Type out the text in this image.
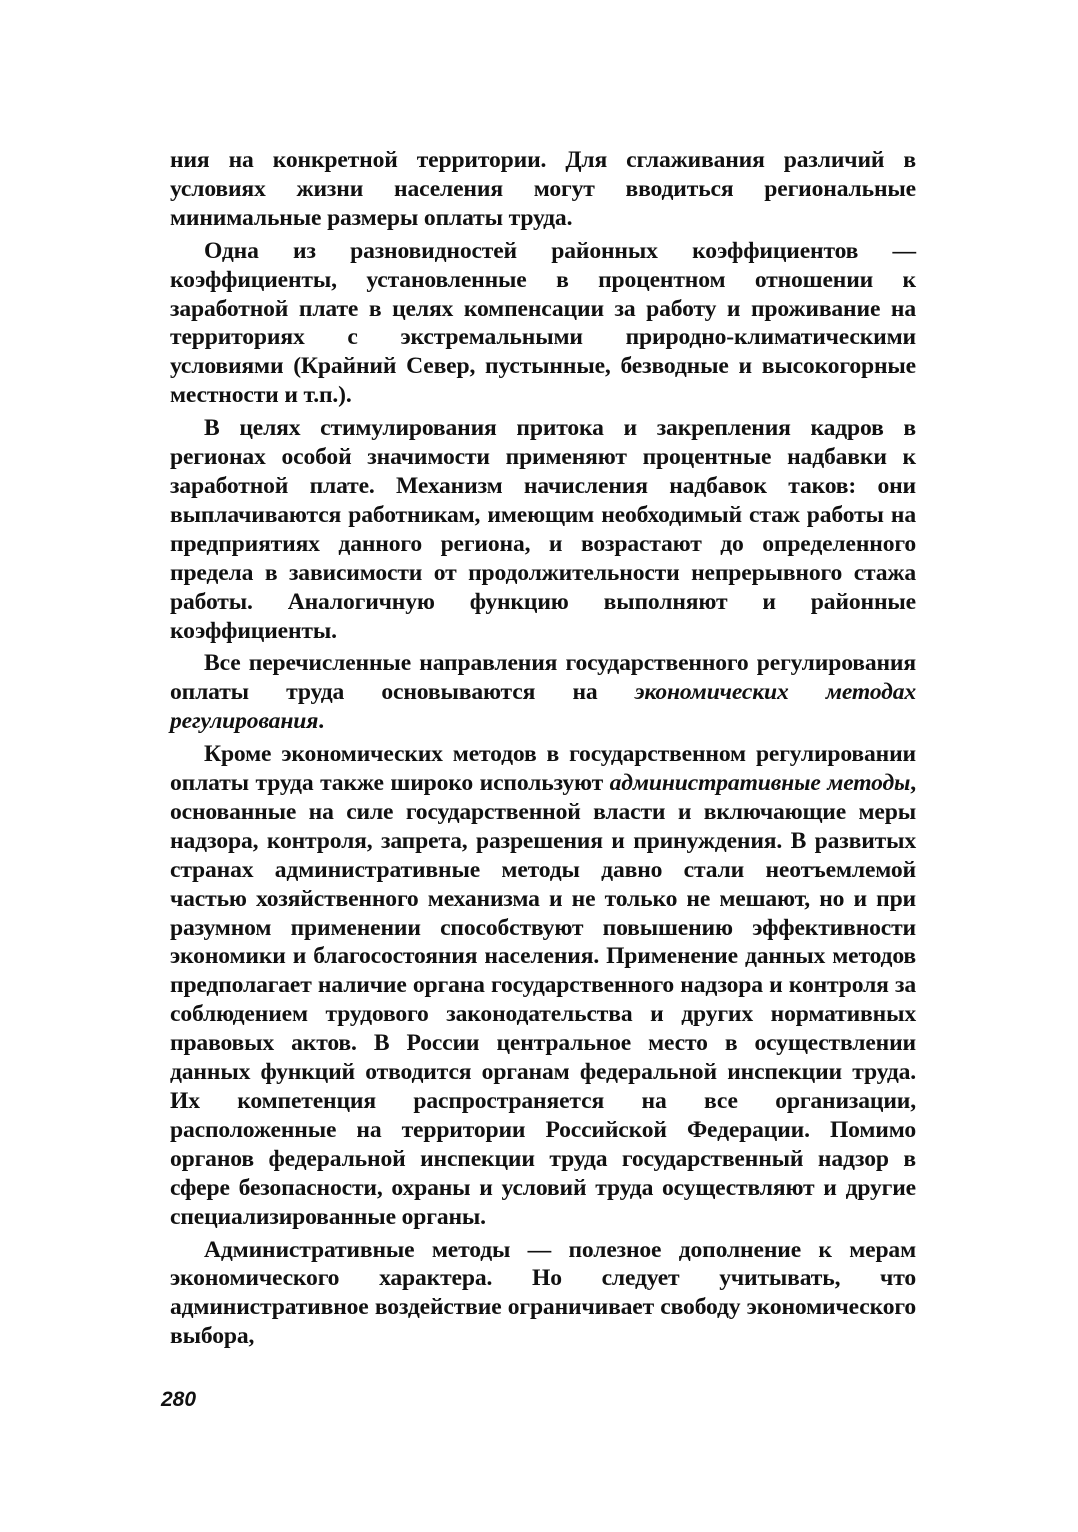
ния на конкретной территории. Для сглаживания различий в условиях жизни населения могут вводиться региональные минимальные размеры оплаты труда.

Одна из разновидностей районных коэффициентов — коэффициенты, установленные в процентном отношении к заработной плате в целях компенсации за работу и проживание на территориях с экстремальными природно-климатическими условиями (Крайний Север, пустынные, безводные и высокогорные местности и т.п.).

В целях стимулирования притока и закрепления кадров в регионах особой значимости применяют процентные надбавки к заработной плате. Механизм начисления надбавок таков: они выплачиваются работникам, имеющим необходимый стаж работы на предприятиях данного региона, и возрастают до определенного предела в зависимости от продолжительности непрерывного стажа работы. Аналогичную функцию выполняют и районные коэффициенты.

Все перечисленные направления государственного регулирования оплаты труда основываются на экономических методах регулирования.

Кроме экономических методов в государственном регулировании оплаты труда также широко используют административные методы, основанные на силе государственной власти и включающие меры надзора, контроля, запрета, разрешения и принуждения. В развитых странах административные методы давно стали неотъемлемой частью хозяйственного механизма и не только не мешают, но и при разумном применении способствуют повышению эффективности экономики и благосостояния населения. Применение данных методов предполагает наличие органа государственного надзора и контроля за соблюдением трудового законодательства и других нормативных правовых актов. В России центральное место в осуществлении данных функций отводится органам федеральной инспекции труда. Их компетенция распространяется на все организации, расположенные на территории Российской Федерации. Помимо органов федеральной инспекции труда государственный надзор в сфере безопасности, охраны и условий труда осуществляют и другие специализированные органы.

Административные методы — полезное дополнение к мерам экономического характера. Но следует учитывать, что административное воздействие ограничивает свободу экономического выбора,

280
